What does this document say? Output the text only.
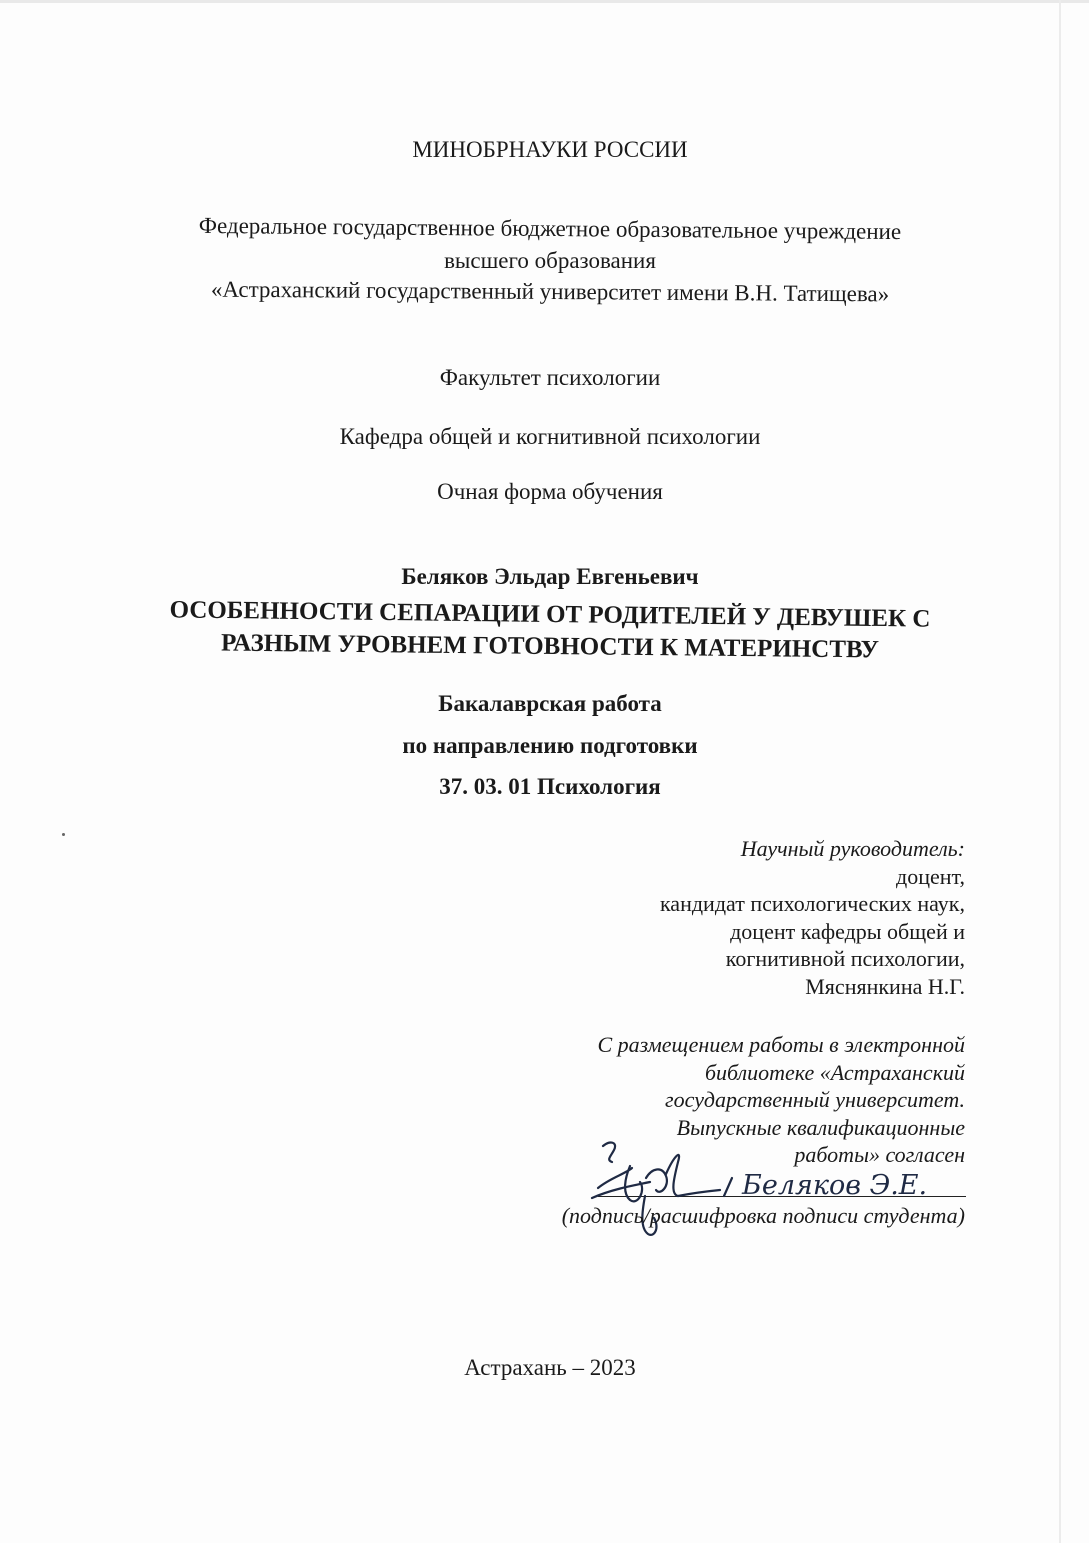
МИНОБРНАУКИ РОССИИ
Федеральное государственное бюджетное образовательное учреждение
высшего образования
«Астраханский государственный университет имени В.Н. Татищева»
Факультет психологии
Кафедра общей и когнитивной психологии
Очная форма обучения
Беляков Эльдар Евгеньевич
ОСОБЕННОСТИ СЕПАРАЦИИ ОТ РОДИТЕЛЕЙ У ДЕВУШЕК С
РАЗНЫМ УРОВНЕМ ГОТОВНОСТИ К МАТЕРИНСТВУ
Бакалаврская работа
по направлению подготовки
37. 03. 01 Психология
Научный руководитель:
доцент,
кандидат психологических наук,
доцент кафедры общей и
когнитивной психологии,
Мяснянкина Н.Г.
С размещением работы в электронной
библиотеке «Астраханский
государственный университет.
Выпускные квалификационные
работы» согласен
Беляков Э.Е.
(подпись/расшифровка подписи студента)
Астрахань – 2023
